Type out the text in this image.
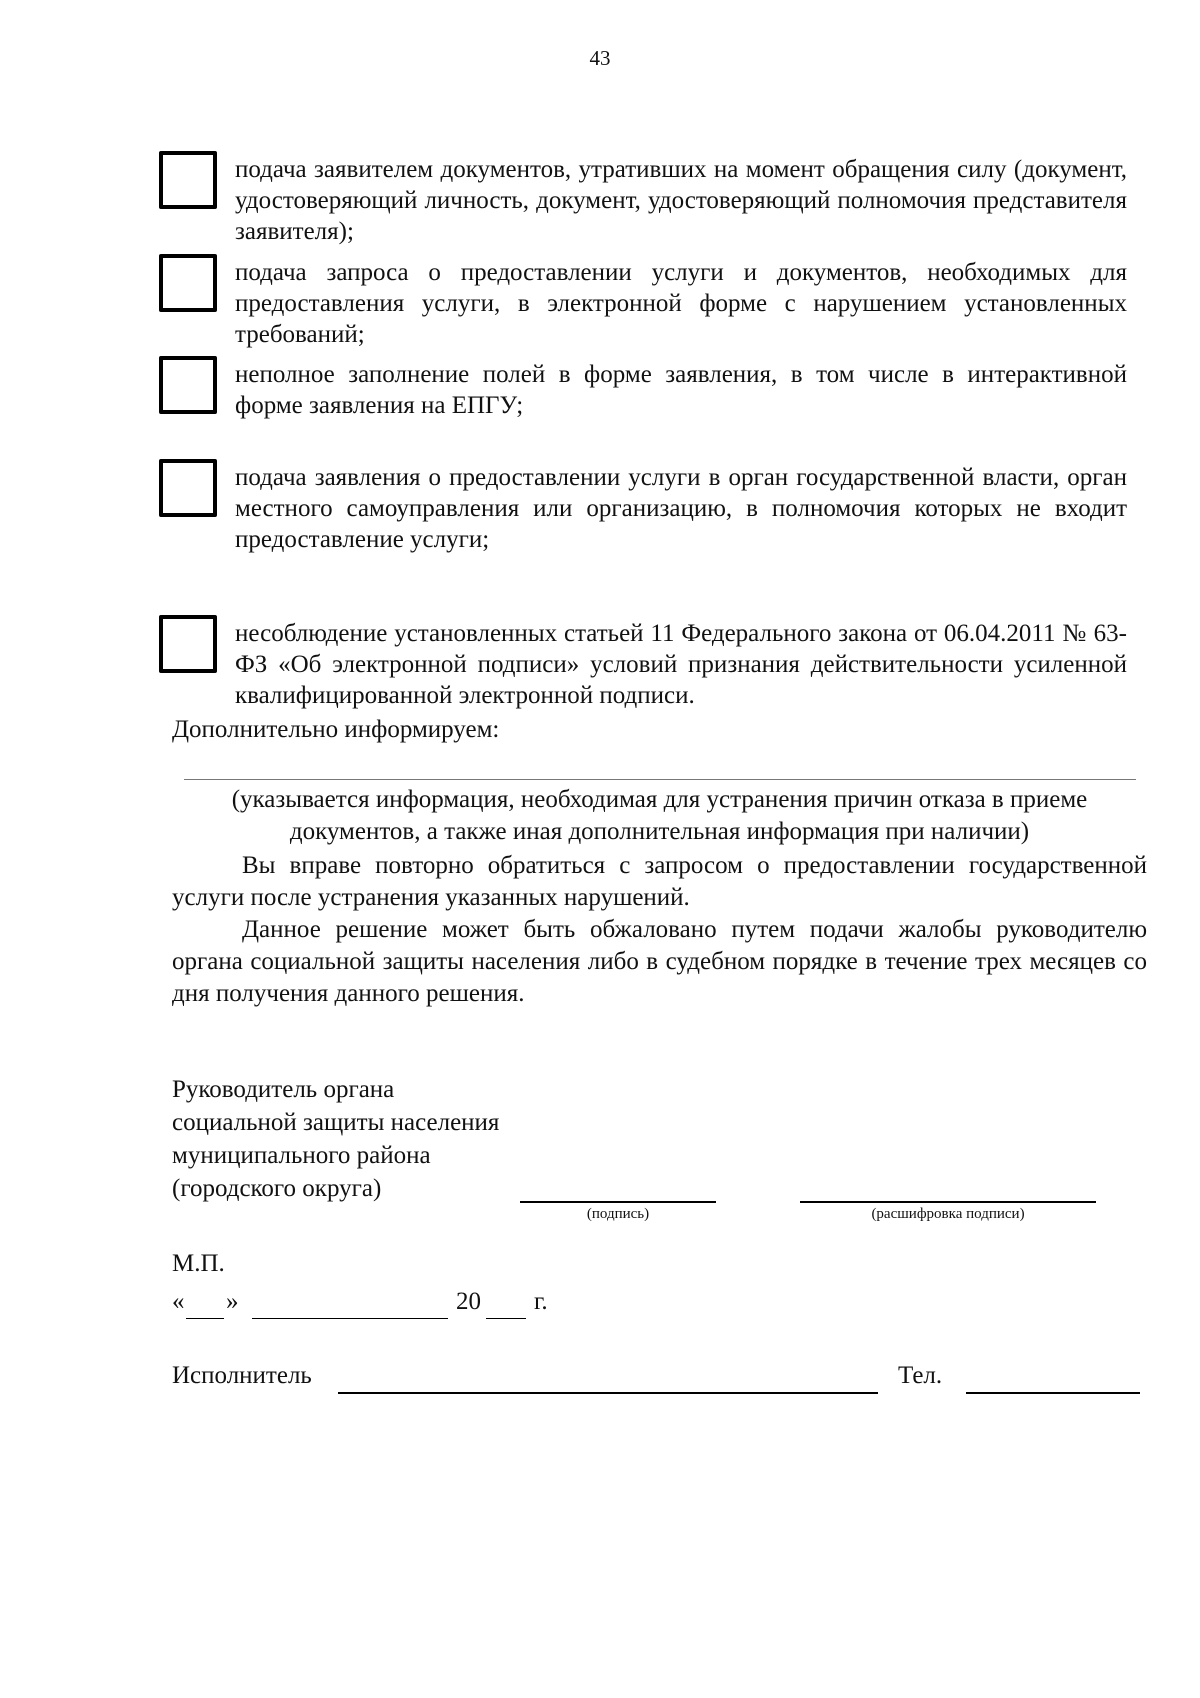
43
подача заявителем документов, утративших на момент обращения силу (документ, удостоверяющий личность, документ, удостоверяющий полномочия представителя заявителя);
подача запроса о предоставлении услуги и документов, необходимых для предоставления услуги, в электронной форме с нарушением установленных требований;
неполное заполнение полей в форме заявления, в том числе в интерактивной форме заявления на ЕПГУ;
подача заявления о предоставлении услуги в орган государственной власти, орган местного самоуправления или организацию, в полномочия которых не входит предоставление услуги;
несоблюдение установленных статьей 11 Федерального закона от 06.04.2011 № 63-ФЗ «Об электронной подписи» условий признания действительности усиленной квалифицированной электронной подписи.
Дополнительно информируем:
(указывается информация, необходимая для устранения причин отказа в приеме документов, а также иная дополнительная информация при наличии)
Вы вправе повторно обратиться с запросом о предоставлении государственной услуги после устранения указанных нарушений.
Данное решение может быть обжаловано путем подачи жалобы руководителю органа социальной защиты населения либо в судебном порядке в течение трех месяцев со дня получения данного решения.
Руководитель органа
социальной защиты населения
муниципального района
(городского округа)
(подпись)	(расшифровка подписи)
М.П.
« »	20 г.
Исполнитель	Тел.
